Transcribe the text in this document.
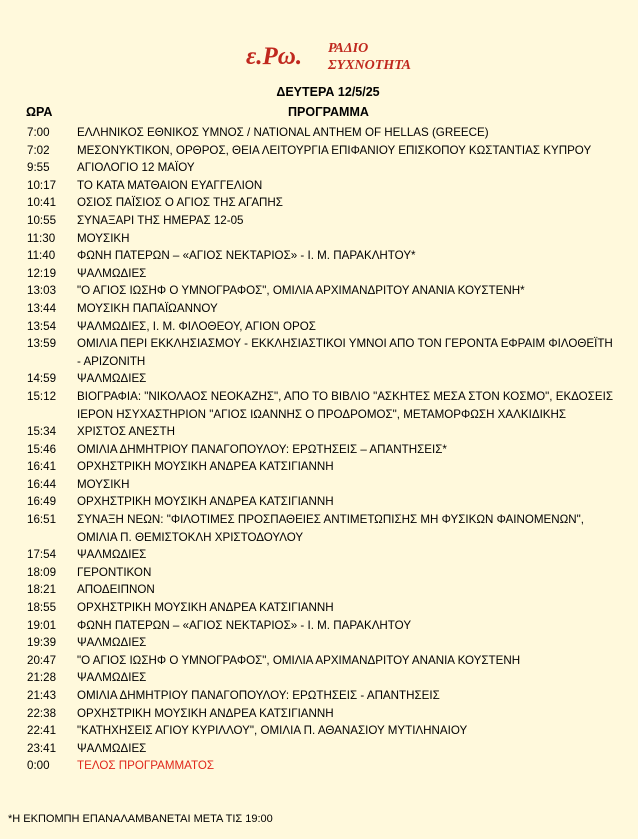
ε.Ρω. ΡΑΔΙΟ
ΣΥΧΝΟΤΗΤΑ
ΔΕΥΤΕΡΑ 12/5/25
ΩΡΑ	ΠΡΟΓΡΑΜΜΑ
7:00	ΕΛΛΗΝΙΚΟΣ ΕΘΝΙΚΟΣ ΥΜΝΟΣ / NATIONAL ANTHEM OF HELLAS (GREECE)
7:02	ΜΕΣΟΝΥΚΤΙΚΟΝ, ΟΡΘΡΟΣ, ΘΕΙΑ ΛΕΙΤΟΥΡΓΙΑ ΕΠΙΦΑΝΙΟΥ ΕΠΙΣΚΟΠΟΥ ΚΩΣΤΑΝΤΙΑΣ ΚΥΠΡΟΥ
9:55	ΑΓΙΟΛΟΓΙΟ 12 ΜΑΪΟΥ
10:17	ΤΟ ΚΑΤΑ ΜΑΤΘΑΙΟΝ ΕΥΑΓΓΕΛΙΟΝ
10:41	ΟΣΙΟΣ ΠΑΪΣΙΟΣ Ο ΑΓΙΟΣ ΤΗΣ ΑΓΑΠΗΣ
10:55	ΣΥΝΑΞΑΡΙ ΤΗΣ ΗΜΕΡΑΣ 12-05
11:30	ΜΟΥΣΙΚΗ
11:40	ΦΩΝΗ ΠΑΤΕΡΩΝ – «ΑΓΙΟΣ ΝΕΚΤΑΡΙΟΣ» - Ι. Μ. ΠΑΡΑΚΛΗΤΟΥ*
12:19	ΨΑΛΜΩΔΙΕΣ
13:03	"Ο ΑΓΙΟΣ ΙΩΣΗΦ Ο ΥΜΝΟΓΡΑΦΟΣ", ΟΜΙΛΙΑ ΑΡΧΙΜΑΝΔΡΙΤΟΥ ΑΝΑΝΙΑ ΚΟΥΣΤΕΝΗ*
13:44	ΜΟΥΣΙΚΗ ΠΑΠΑΪΩΑΝΝΟΥ
13:54	ΨΑΛΜΩΔΙΕΣ, Ι. Μ. ΦΙΛΟΘΕΟΥ, ΑΓΙΟΝ ΟΡΟΣ
13:59	ΟΜΙΛΙΑ ΠΕΡΙ ΕΚΚΛΗΣΙΑΣΜΟΥ - ΕΚΚΛΗΣΙΑΣΤΙΚΟΙ ΥΜΝΟΙ ΑΠΟ ΤΟΝ ΓΕΡΟΝΤΑ ΕΦΡΑΙΜ ΦΙΛΟΘΕΪΤΗ - ΑΡΙΖΟΝΙΤΗ
14:59	ΨΑΛΜΩΔΙΕΣ
15:12	ΒΙΟΓΡΑΦΙΑ: "ΝΙΚΟΛΑΟΣ ΝΕΟΚΑΖΗΣ", ΑΠΟ ΤΟ ΒΙΒΛΙΟ "ΑΣΚΗΤΕΣ ΜΕΣΑ ΣΤΟΝ ΚΟΣΜΟ", ΕΚΔΟΣΕΙΣ ΙΕΡΟΝ ΗΣΥΧΑΣΤΗΡΙΟΝ "ΑΓΙΟΣ ΙΩΑΝΝΗΣ Ο ΠΡΟΔΡΟΜΟΣ", ΜΕΤΑΜΟΡΦΩΣΗ ΧΑΛΚΙΔΙΚΗΣ
15:34	ΧΡΙΣΤΟΣ ΑΝΕΣΤΗ
15:46	ΟΜΙΛΙΑ ΔΗΜΗΤΡΙΟΥ ΠΑΝΑΓΟΠΟΥΛΟΥ: ΕΡΩΤΗΣΕΙΣ – ΑΠΑΝΤΗΣΕΙΣ*
16:41	ΟΡΧΗΣΤΡΙΚΗ ΜΟΥΣΙΚΗ ΑΝΔΡΕΑ ΚΑΤΣΙΓΙΑΝΝΗ
16:44	ΜΟΥΣΙΚΗ
16:49	ΟΡΧΗΣΤΡΙΚΗ ΜΟΥΣΙΚΗ ΑΝΔΡΕΑ ΚΑΤΣΙΓΙΑΝΝΗ
16:51	ΣΥΝΑΞΗ ΝΕΩΝ: "ΦΙΛΟΤΙΜΕΣ ΠΡΟΣΠΑΘΕΙΕΣ ΑΝΤΙΜΕΤΩΠΙΣΗΣ ΜΗ ΦΥΣΙΚΩΝ ΦΑΙΝΟΜΕΝΩΝ", ΟΜΙΛΙΑ Π. ΘΕΜΙΣΤΟΚΛΗ ΧΡΙΣΤΟΔΟΥΛΟΥ
17:54	ΨΑΛΜΩΔΙΕΣ
18:09	ΓΕΡΟΝΤΙΚΟΝ
18:21	ΑΠΟΔΕΙΠΝΟΝ
18:55	ΟΡΧΗΣΤΡΙΚΗ ΜΟΥΣΙΚΗ ΑΝΔΡΕΑ ΚΑΤΣΙΓΙΑΝΝΗ
19:01	ΦΩΝΗ ΠΑΤΕΡΩΝ – «ΑΓΙΟΣ ΝΕΚΤΑΡΙΟΣ» - Ι. Μ. ΠΑΡΑΚΛΗΤΟΥ
19:39	ΨΑΛΜΩΔΙΕΣ
20:47	"Ο ΑΓΙΟΣ ΙΩΣΗΦ Ο ΥΜΝΟΓΡΑΦΟΣ", ΟΜΙΛΙΑ ΑΡΧΙΜΑΝΔΡΙΤΟΥ ΑΝΑΝΙΑ ΚΟΥΣΤΕΝΗ
21:28	ΨΑΛΜΩΔΙΕΣ
21:43	ΟΜΙΛΙΑ ΔΗΜΗΤΡΙΟΥ ΠΑΝΑΓΟΠΟΥΛΟΥ: ΕΡΩΤΗΣΕΙΣ - ΑΠΑΝΤΗΣΕΙΣ
22:38	ΟΡΧΗΣΤΡΙΚΗ ΜΟΥΣΙΚΗ ΑΝΔΡΕΑ ΚΑΤΣΙΓΙΑΝΝΗ
22:41	"ΚΑΤΗΧΗΣΕΙΣ ΑΓΙΟΥ ΚΥΡΙΛΛΟΥ", ΟΜΙΛΙΑ Π. ΑΘΑΝΑΣΙΟΥ ΜΥΤΙΛΗΝΑΙΟΥ
23:41	ΨΑΛΜΩΔΙΕΣ
0:00	ΤΕΛΟΣ ΠΡΟΓΡΑΜΜΑΤΟΣ
*Η ΕΚΠΟΜΠΗ ΕΠΑΝΑΛΑΜΒΑΝΕΤΑΙ ΜΕΤΑ ΤΙΣ 19:00
